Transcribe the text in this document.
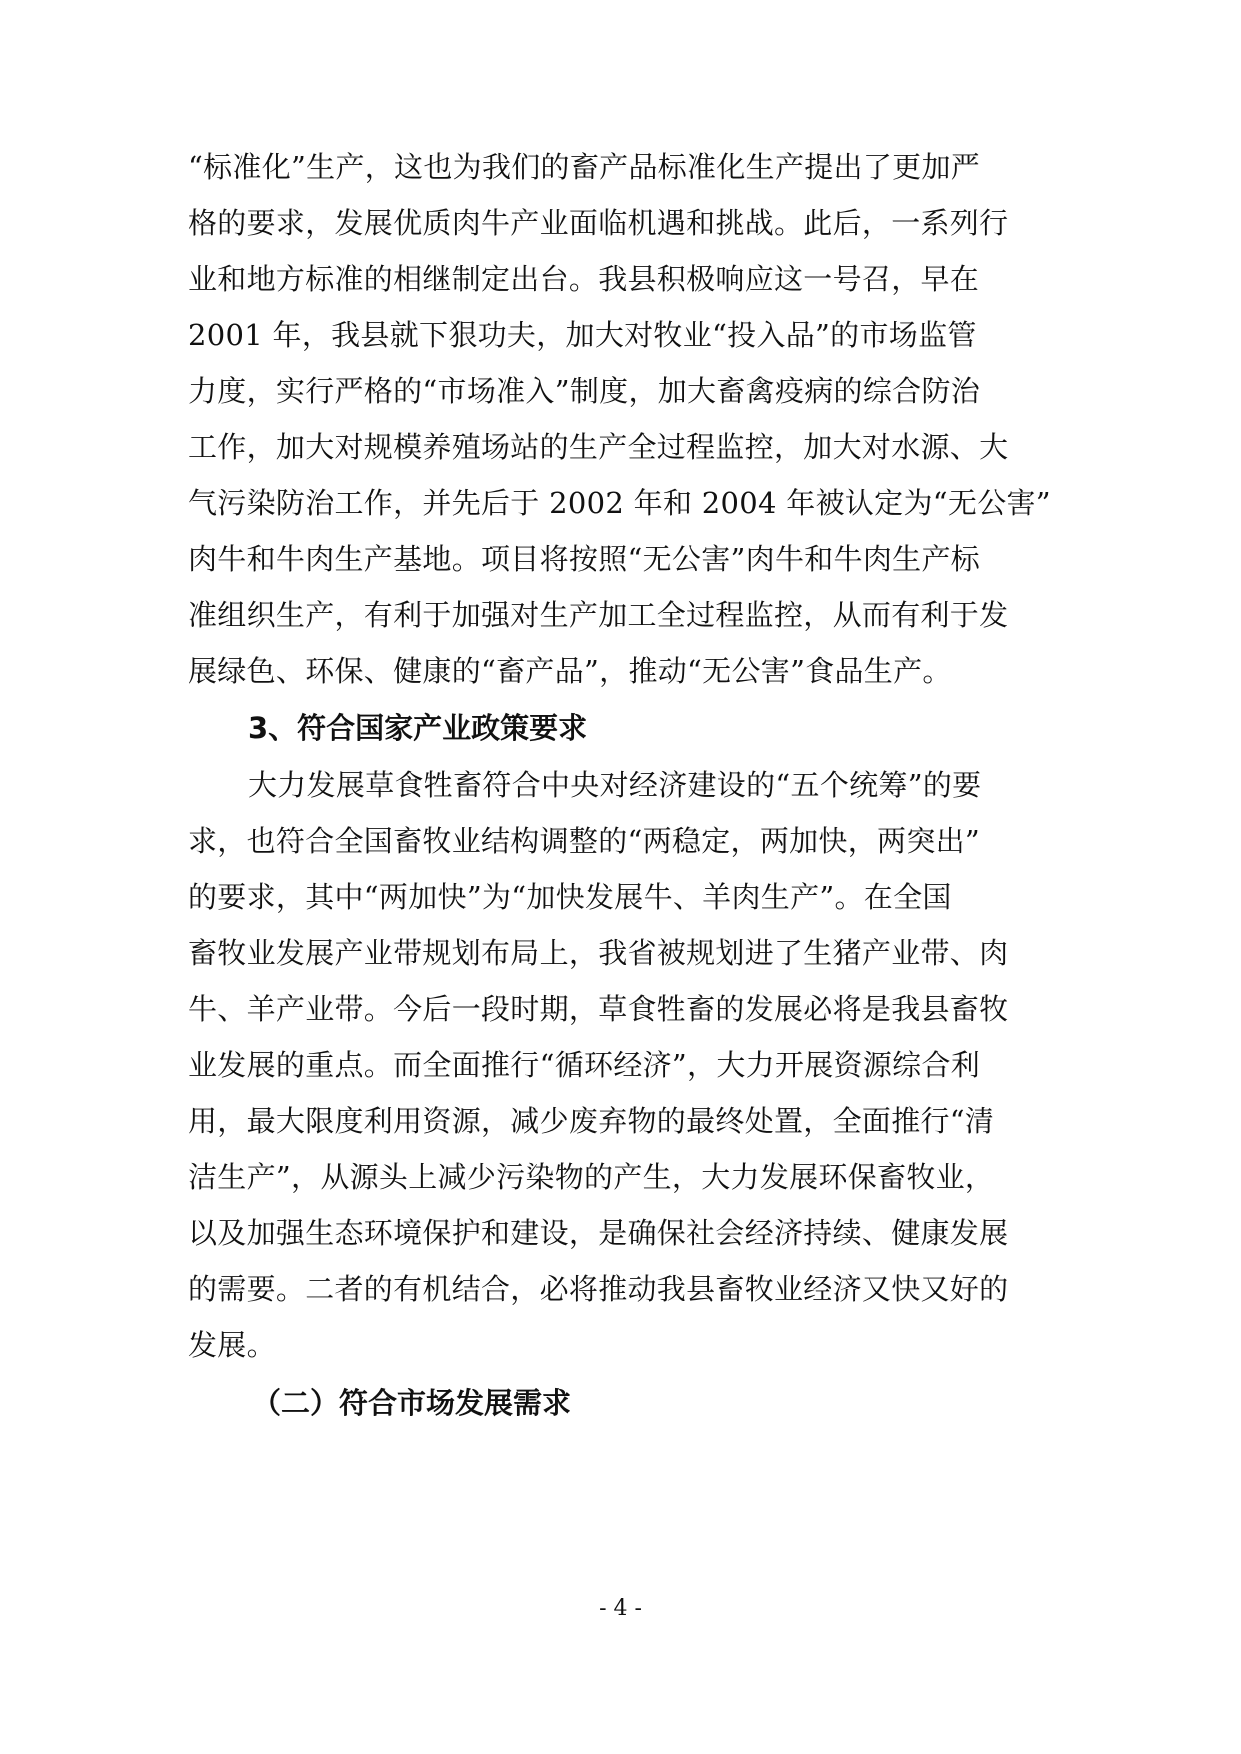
“标准化”生产，这也为我们的畜产品标准化生产提出了更加严
格的要求，发展优质肉牛产业面临机遇和挑战。此后，一系列行
业和地方标准的相继制定出台。我县积极响应这一号召，早在
2001 年，我县就下狠功夫，加大对牧业“投入品”的市场监管
力度，实行严格的“市场准入”制度，加大畜禽疫病的综合防治
工作，加大对规模养殖场站的生产全过程监控，加大对水源、大
气污染防治工作，并先后于 2002 年和 2004 年被认定为“无公害”
肉牛和牛肉生产基地。项目将按照“无公害”肉牛和牛肉生产标
准组织生产，有利于加强对生产加工全过程监控，从而有利于发
展绿色、环保、健康的“畜产品”，推动“无公害”食品生产。
3、符合国家产业政策要求
大力发展草食牲畜符合中央对经济建设的“五个统筹”的要
求，也符合全国畜牧业结构调整的“两稳定，两加快，两突出”
的要求，其中“两加快”为“加快发展牛、羊肉生产”。在全国
畜牧业发展产业带规划布局上，我省被规划进了生猪产业带、肉
牛、羊产业带。今后一段时期，草食牲畜的发展必将是我县畜牧
业发展的重点。而全面推行“循环经济”，大力开展资源综合利
用，最大限度利用资源，减少废弃物的最终处置，全面推行“清
洁生产”，从源头上减少污染物的产生，大力发展环保畜牧业，
以及加强生态环境保护和建设，是确保社会经济持续、健康发展
的需要。二者的有机结合，必将推动我县畜牧业经济又快又好的
发展。
（二）符合市场发展需求
- 4 -
